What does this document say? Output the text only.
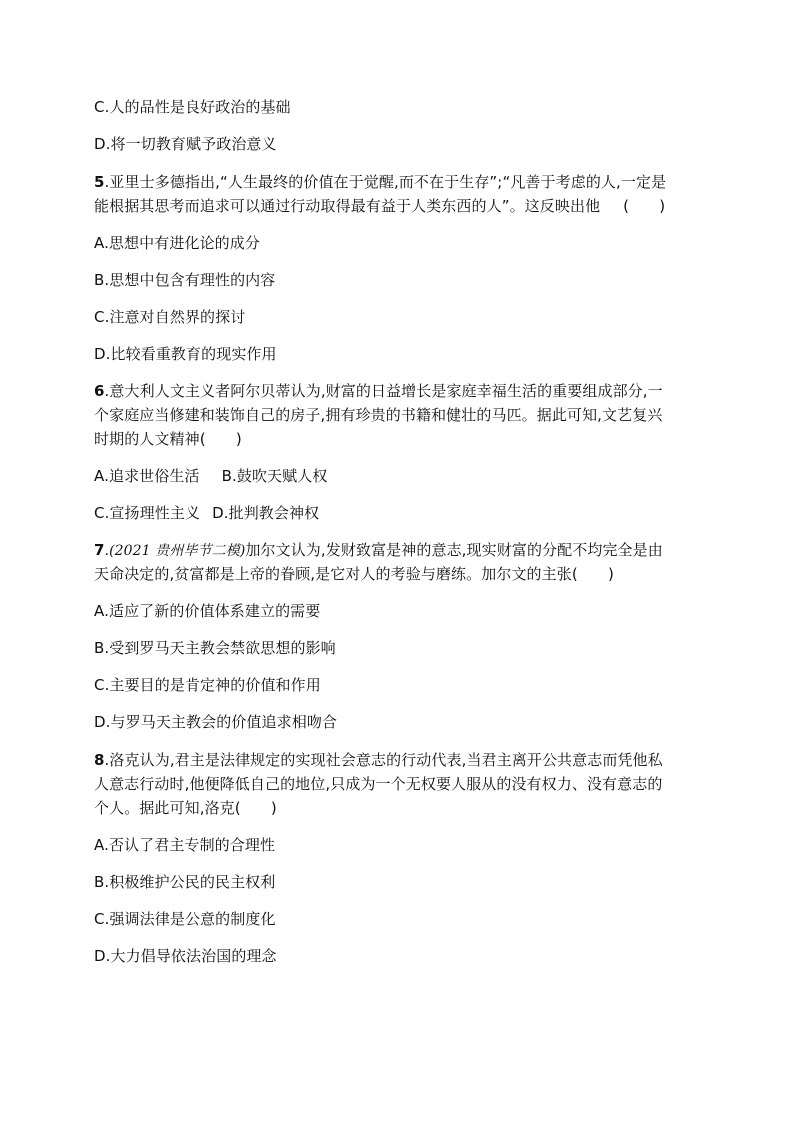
C.人的品性是良好政治的基础
D.将一切教育赋予政治意义
5.亚里士多德指出,“人生最终的价值在于觉醒,而不在于生存”;“凡善于考虑的人,一定是
能根据其思考而追求可以通过行动取得最有益于人类东西的人”。这反映出他 (　　)
A.思想中有进化论的成分
B.思想中包含有理性的内容
C.注意对自然界的探讨
D.比较看重教育的现实作用
6.意大利人文主义者阿尔贝蒂认为,财富的日益增长是家庭幸福生活的重要组成部分,一
个家庭应当修建和装饰自己的房子,拥有珍贵的书籍和健壮的马匹。据此可知,文艺复兴
时期的人文精神(　　)
A.追求世俗生活 B.鼓吹天赋人权
C.宣扬理性主义 D.批判教会神权
7.(2021 贵州毕节二模)加尔文认为,发财致富是神的意志,现实财富的分配不均完全是由
天命决定的,贫富都是上帝的眷顾,是它对人的考验与磨练。加尔文的主张(　　)
A.适应了新的价值体系建立的需要
B.受到罗马天主教会禁欲思想的影响
C.主要目的是肯定神的价值和作用
D.与罗马天主教会的价值追求相吻合
8.洛克认为,君主是法律规定的实现社会意志的行动代表,当君主离开公共意志而凭他私
人意志行动时,他便降低自己的地位,只成为一个无权要人服从的没有权力、没有意志的
个人。据此可知,洛克(　　)
A.否认了君主专制的合理性
B.积极维护公民的民主权利
C.强调法律是公意的制度化
D.大力倡导依法治国的理念
